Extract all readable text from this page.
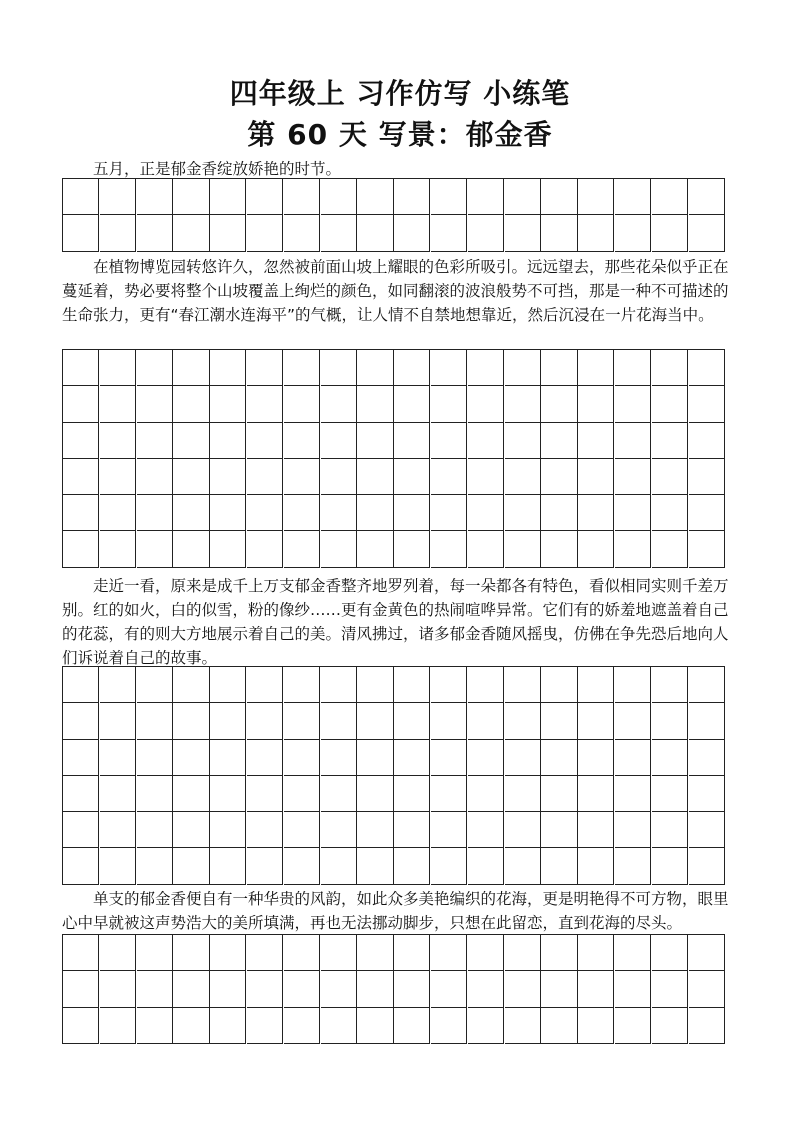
四年级上 习作仿写 小练笔
第 60 天 写景：郁金香

五月，正是郁金香绽放娇艳的时节。

在植物博览园转悠许久，忽然被前面山坡上耀眼的色彩所吸引。远远望去，那些花朵似乎正在蔓延着，势必要将整个山坡覆盖上绚烂的颜色，如同翻滚的波浪般势不可挡，那是一种不可描述的生命张力，更有“春江潮水连海平”的气概，让人情不自禁地想靠近，然后沉浸在一片花海当中。

走近一看，原来是成千上万支郁金香整齐地罗列着，每一朵都各有特色，看似相同实则千差万别。红的如火，白的似雪，粉的像纱……更有金黄色的热闹喧哗异常。它们有的娇羞地遮盖着自己的花蕊，有的则大方地展示着自己的美。清风拂过，诸多郁金香随风摇曳，仿佛在争先恐后地向人们诉说着自己的故事。

单支的郁金香便自有一种华贵的风韵，如此众多美艳编织的花海，更是明艳得不可方物，眼里心中早就被这声势浩大的美所填满，再也无法挪动脚步，只想在此留恋，直到花海的尽头。
